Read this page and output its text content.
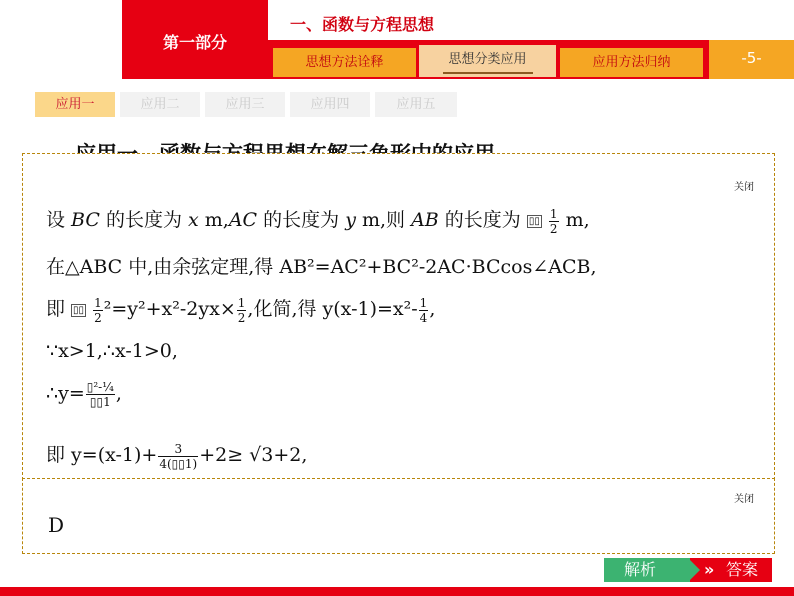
第一部分
一、函数与方程思想
思想方法诠释	思想分类应用	应用方法归纳	-5-
应用一	应用二	应用三	应用四	应用五
关闭
设 BC 的长度为 x m,AC 的长度为 y m,则 AB 的长度为 ▯▯ $\frac{1}{2} m$,
在△ABC 中,由余弦定理,得 AB²=AC²+BC²-2AC·BCcos∠ACB,
即 ▯▯ $\frac{1}{2} ^2=y^2+x^2-2yx\times \frac{1}{2}$ ,化简,得 $y(x-1)=x^2- \frac{1}{4}$ ,
∵x>1,∴x-1>0,
∴y= $\frac{\text{▯²-¼}}{▯▯1}$ ,
即 $y=(x-1)+ \frac{3}{4(▯▯1)} +2\ge √3+2$,
关闭
D
解析	答案
»
